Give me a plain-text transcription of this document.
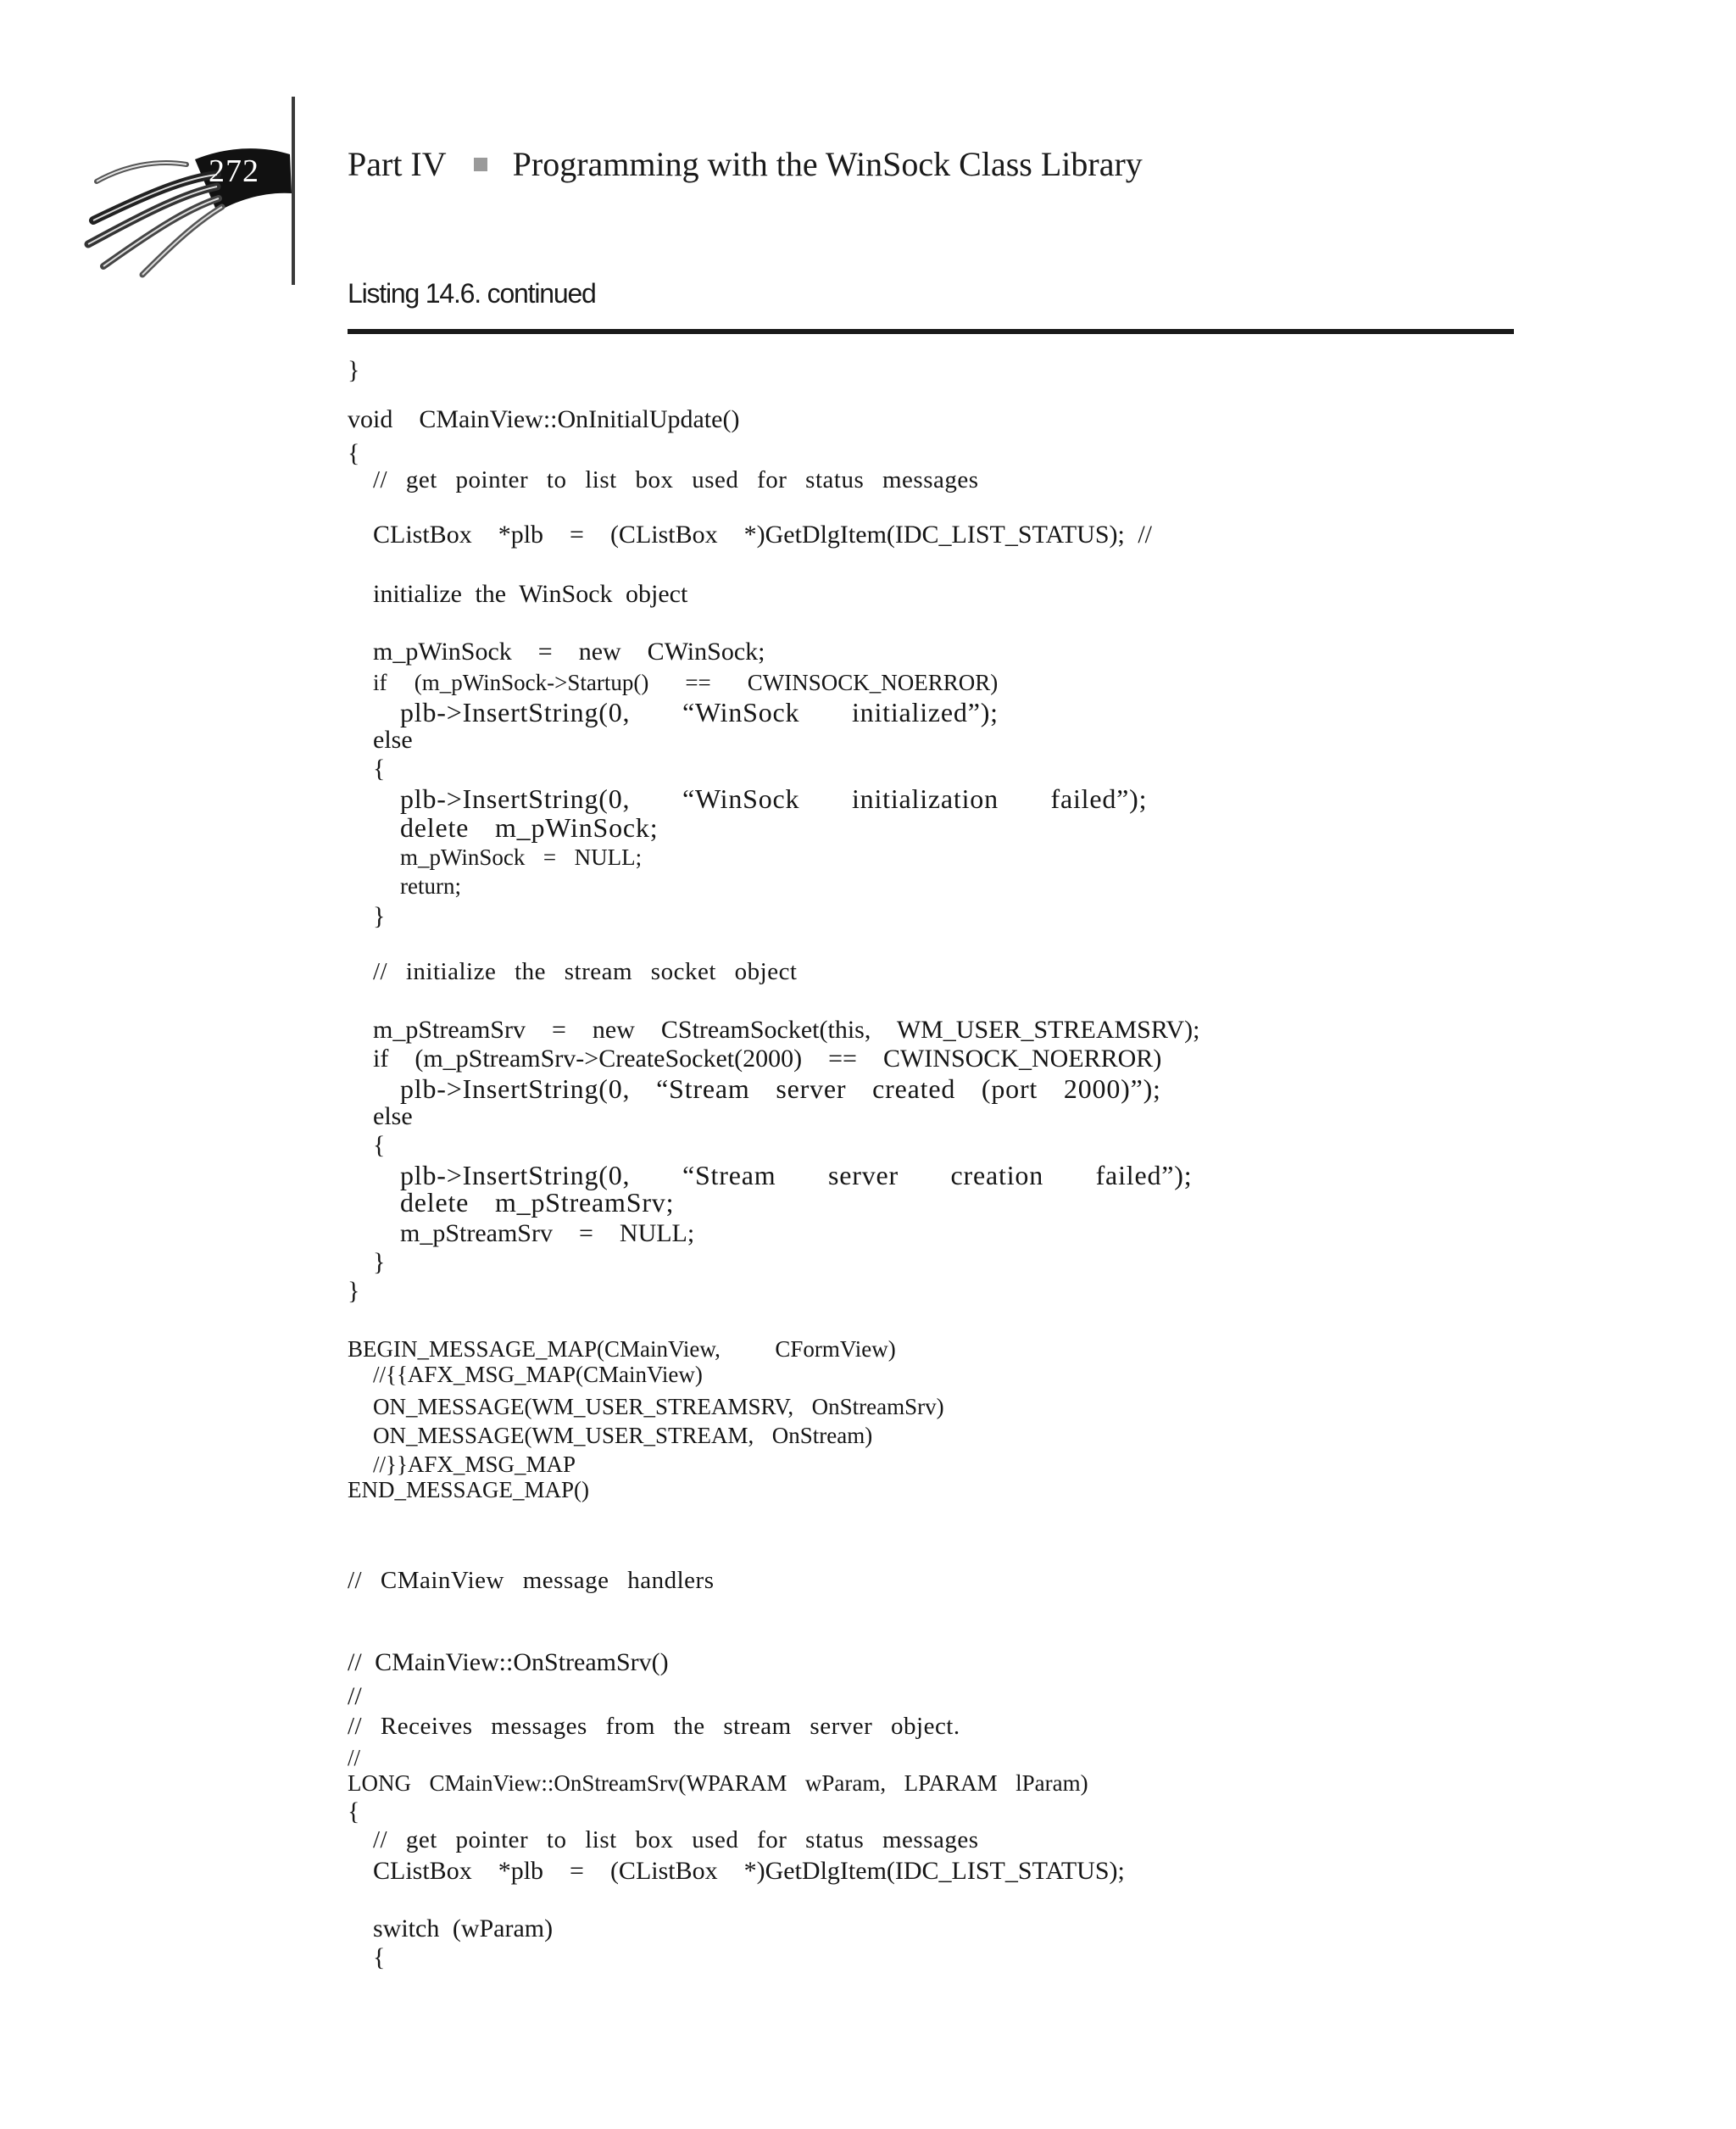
272	Part IV Programming with the WinSock Class Library
Listing 14.6. continued
}
void  CMainView::OnInitialUpdate()
{
// get pointer to list box used for status messages
CListBox  *plb  =  (CListBox  *)GetDlgItem(IDC_LIST_STATUS); //
initialize the WinSock object
m_pWinSock  =  new  CWinSock;
if   (m_pWinSock->Startup()    ==    CWINSOCK_NOERROR)
plb->InsertString(0,  “WinSock  initialized”);
else
{
plb->InsertString(0,  “WinSock  initialization  failed”);
delete m_pWinSock;
m_pWinSock  =  NULL;
return;
}
// initialize the stream socket object
m_pStreamSrv  =  new  CStreamSocket(this,  WM_USER_STREAMSRV);
if  (m_pStreamSrv->CreateSocket(2000)  ==  CWINSOCK_NOERROR)
plb->InsertString(0, “Stream server created (port 2000)”);
else
{
plb->InsertString(0,  “Stream  server  creation  failed”);
delete m_pStreamSrv;
m_pStreamSrv  =  NULL;
}
}
BEGIN_MESSAGE_MAP(CMainView,      CFormView)
//{{AFX_MSG_MAP(CMainView)
ON_MESSAGE(WM_USER_STREAMSRV,  OnStreamSrv)
ON_MESSAGE(WM_USER_STREAM,  OnStream)
//}}AFX_MSG_MAP
END_MESSAGE_MAP()
// CMainView message handlers
// CMainView::OnStreamSrv()
//
// Receives messages from the stream server object.
//
LONG  CMainView::OnStreamSrv(WPARAM  wParam,  LPARAM  lParam)
{
// get pointer to list box used for status messages
CListBox  *plb  =  (CListBox  *)GetDlgItem(IDC_LIST_STATUS);
switch (wParam)
{
